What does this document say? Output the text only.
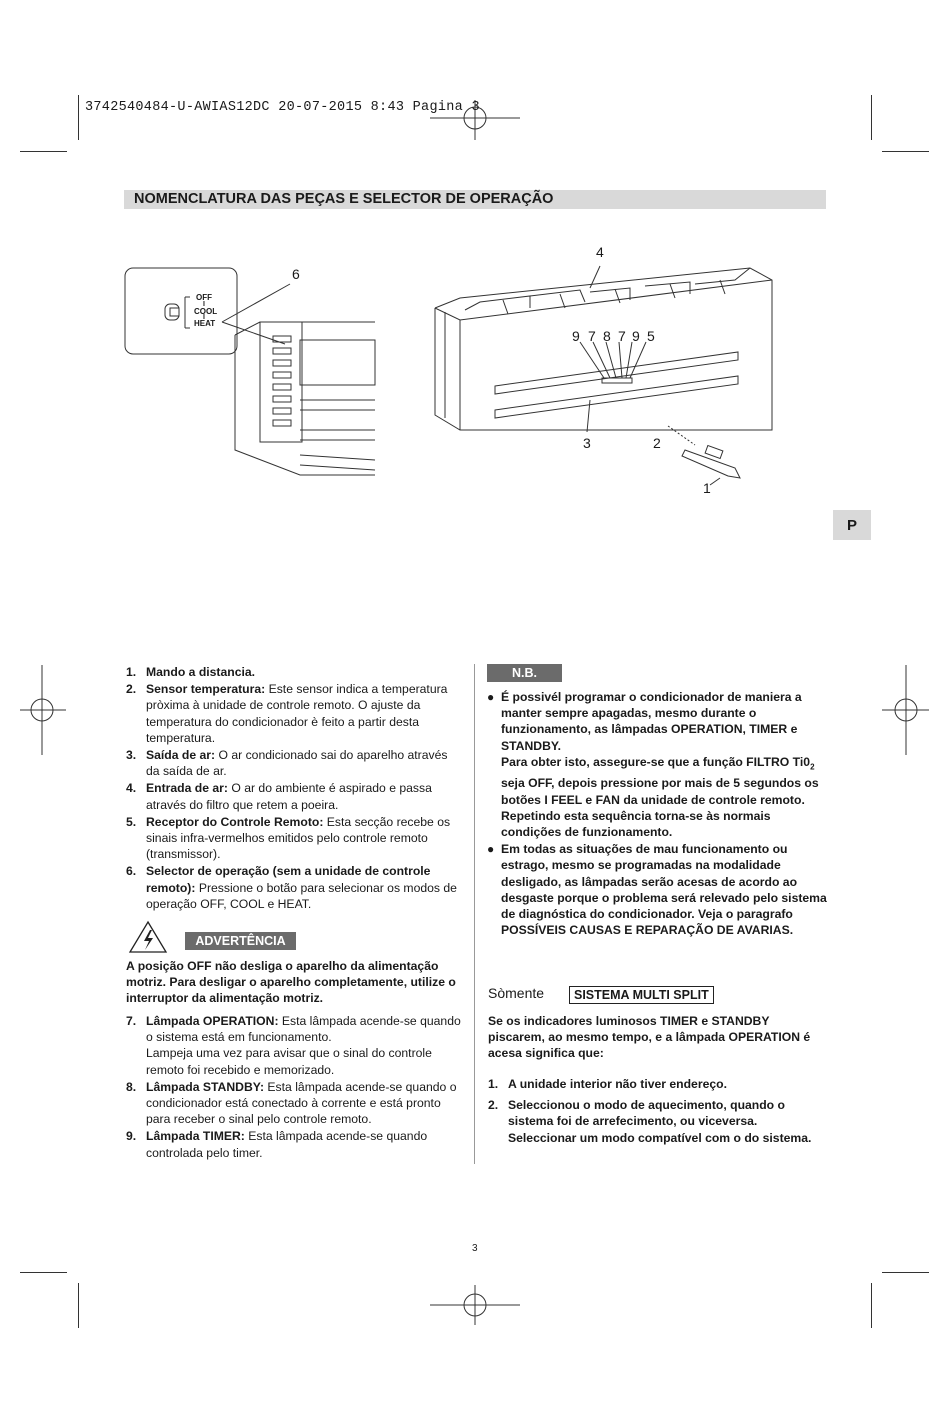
3742540484-U-AWIAS12DC 20-07-2015 8:43 Pagina 3
NOMENCLATURA DAS PEÇAS E SELECTOR DE OPERAÇÃO
P
OFF
I
COOL
I
HEAT
6
4
9 7 8 7 9 5
3	2
1
1. Mando a distancia.
2. Sensor temperatura: Este sensor indica a temperatura pròxima à unidade de controle remoto. O ajuste da temperatura do condicionador è feito a partir desta temperatura.
3. Saída de ar: O ar condicionado sai do aparelho através da saída de ar.
4. Entrada de ar: O ar do ambiente é aspirado e passa através do filtro que retem a poeira.
5. Receptor do Controle Remoto: Esta secção recebe os sinais infra-vermelhos emitidos pelo controle remoto (transmissor).
6. Selector de operação (sem a unidade de controle remoto): Pressione o botão para selecionar os modos de operação OFF, COOL e HEAT.
ADVERTÊNCIA
A posição OFF não desliga o aparelho da alimentação motriz. Para desligar o aparelho completamente, utilize o interruptor da alimentação motriz.
7. Lâmpada OPERATION: Esta lâmpada acende-se quando o sistema está em funcionamento.
Lampeja uma vez para avisar que o sinal do controle remoto foi recebido e memorizado.
8. Lâmpada STANDBY: Esta lâmpada acende-se quando o condicionador está conectado à corrente e está pronto para receber o sinal pelo controle remoto.
9. Lâmpada TIMER: Esta lâmpada acende-se quando controlada pelo timer.
N.B.
● É possivél programar o condicionador de maniera a manter sempre apagadas, mesmo durante o funzionamento, as lâmpadas OPERATION, TIMER e STANDBY.
Para obter isto, assegure-se que a função FILTRO $Ti0_2$ seja OFF, depois pressione por mais de 5 segundos os botões I FEEL e FAN da unidade de controle remoto. Repetindo esta sequência torna-se às normais condições de funzionamento.
● Em todas as situações de mau funcionamento ou estrago, mesmo se programadas na modalidade desligado, as lâmpadas serão acesas de acordo ao desgaste porque o problema será relevado pelo sistema de diagnóstica do condicionador. Veja o paragrafo POSSÍVEIS CAUSAS E REPARAÇÃO DE AVARIAS.
Sòmente	SISTEMA MULTI SPLIT
Se os indicadores luminosos TIMER e STANDBY piscarem, ao mesmo tempo, e a lâmpada OPERATION é acesa significa que:
1. A unidade interior não tiver endereço.
2. Seleccionou o modo de aquecimento, quando o sistema foi de arrefecimento, ou viceversa. Seleccionar um modo compatível com o do sistema.
3
